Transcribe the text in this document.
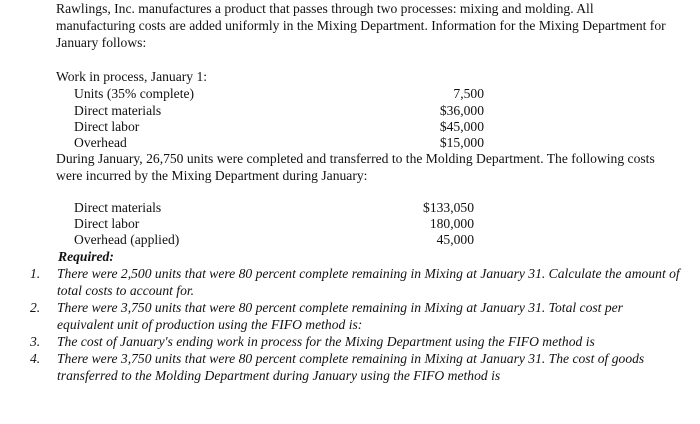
Rawlings, Inc. manufactures a product that passes through two processes: mixing and molding. All manufacturing costs are added uniformly in the Mixing Department. Information for the Mixing Department for January follows:

Work in process, January 1:
Units (35% complete)	7,500
Direct materials	$36,000
Direct labor	$45,000
Overhead	$15,000

During January, 26,750 units were completed and transferred to the Molding Department. The following costs were incurred by the Mixing Department during January:

Direct materials	$133,050
Direct labor	180,000
Overhead (applied)	45,000
Required:
1. There were 2,500 units that were 80 percent complete remaining in Mixing at January 31. Calculate the amount of total costs to account for.
2. There were 3,750 units that were 80 percent complete remaining in Mixing at January 31. Total cost per equivalent unit of production using the FIFO method is:
3. The cost of January's ending work in process for the Mixing Department using the FIFO method is
4. There were 3,750 units that were 80 percent complete remaining in Mixing at January 31. The cost of goods transferred to the Molding Department during January using the FIFO method is
